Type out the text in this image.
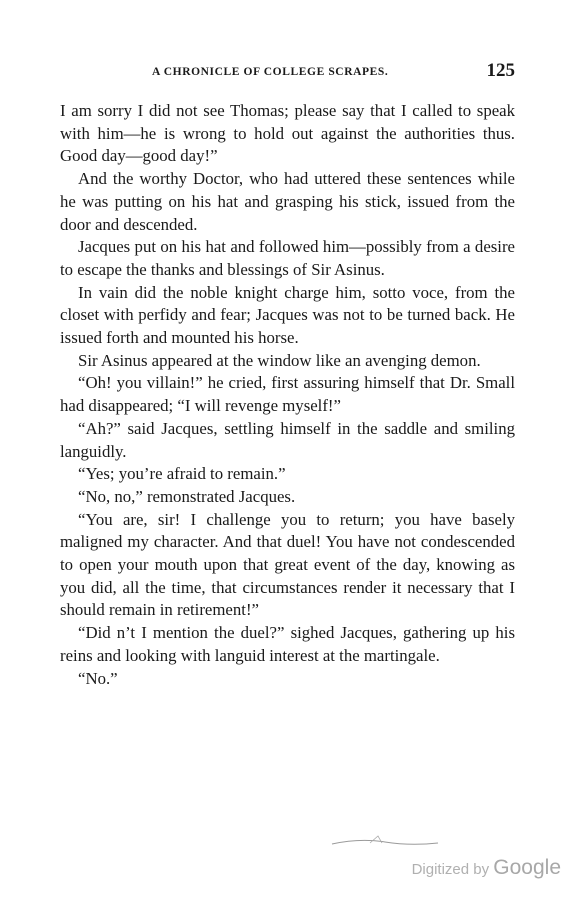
A CHRONICLE OF COLLEGE SCRAPES.	125

I am sorry I did not see Thomas; please say that I called to speak with him—he is wrong to hold out against the authorities thus. Good day—good day!”

And the worthy Doctor, who had uttered these sentences while he was putting on his hat and grasping his stick, issued from the door and descended.

Jacques put on his hat and followed him—possibly from a desire to escape the thanks and blessings of Sir Asinus.

In vain did the noble knight charge him, sotto voce, from the closet with perfidy and fear; Jacques was not to be turned back. He issued forth and mounted his horse.

Sir Asinus appeared at the window like an avenging demon.

“Oh! you villain!” he cried, first assuring himself that Dr. Small had disappeared; “I will revenge myself!”

“Ah?” said Jacques, settling himself in the saddle and smiling languidly.

“Yes; you’re afraid to remain.”

“No, no,” remonstrated Jacques.

“You are, sir! I challenge you to return; you have basely maligned my character. And that duel! You have not condescended to open your mouth upon that great event of the day, knowing as you did, all the time, that circumstances render it necessary that I should remain in retirement!”

“Did n’t I mention the duel?” sighed Jacques, gathering up his reins and looking with languid interest at the martingale.

“No.”

Digitized by Google
